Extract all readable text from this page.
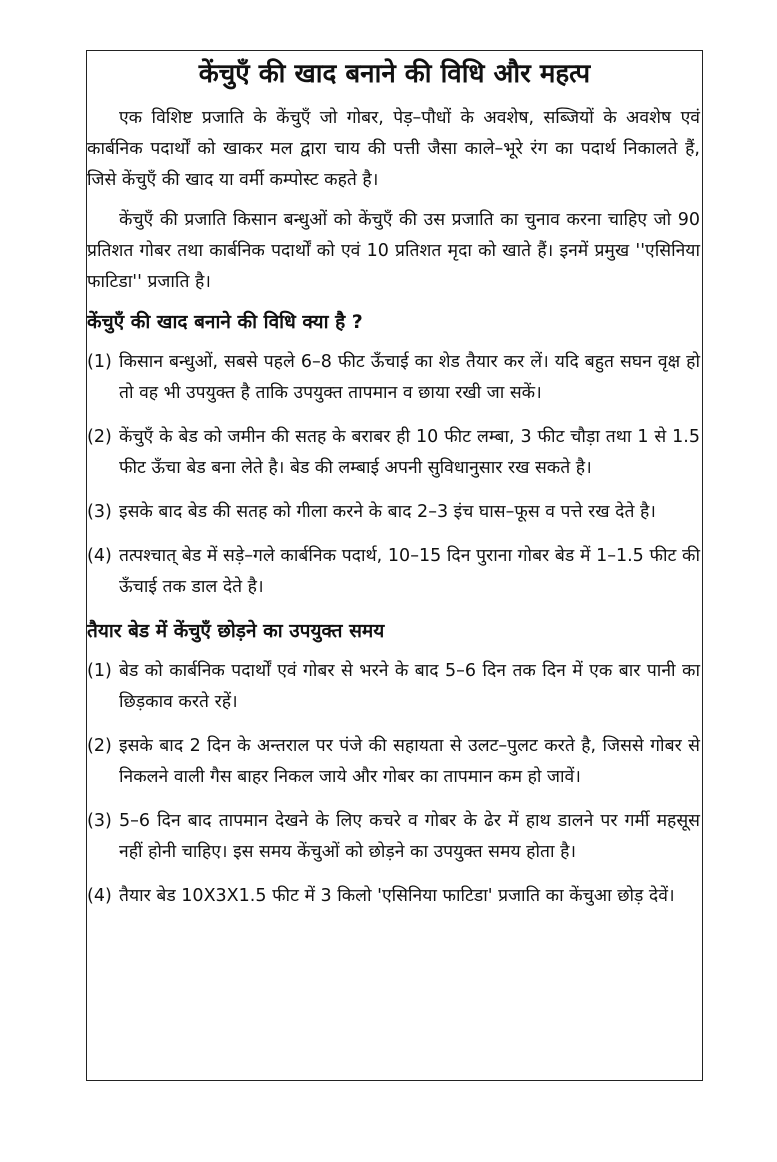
केंचुएँ की खाद बनाने की विधि और महत्प

एक विशिष्ट प्रजाति के केंचुएँ जो गोबर, पेड़–पौधों के अवशेष, सब्जियों के अवशेष एवं कार्बनिक पदार्थों को खाकर मल द्वारा चाय की पत्ती जैसा काले–भूरे रंग का पदार्थ निकालते हैं, जिसे केंचुएँ की खाद या वर्मी कम्पोस्ट कहते है।

केंचुएँ की प्रजाति किसान बन्धुओं को केंचुएँ की उस प्रजाति का चुनाव करना चाहिए जो 90 प्रतिशत गोबर तथा कार्बनिक पदार्थों को एवं 10 प्रतिशत मृदा को खाते हैं। इनमें प्रमुख ''एसिनिया फाटिडा'' प्रजाति है।

केंचुएँ की खाद बनाने की विधि क्या है ?
(1) किसान बन्धुओं, सबसे पहले 6–8 फीट ऊँचाई का शेड तैयार कर लें। यदि बहुत सघन वृक्ष हो तो वह भी उपयुक्त है ताकि उपयुक्त तापमान व छाया रखी जा सकें।
(2) केंचुएँ के बेड को जमीन की सतह के बराबर ही 10 फीट लम्बा, 3 फीट चौड़ा तथा 1 से 1.5 फीट ऊँचा बेड बना लेते है। बेड की लम्बाई अपनी सुविधानुसार रख सकते है।
(3) इसके बाद बेड की सतह को गीला करने के बाद 2–3 इंच घास–फूस व पत्ते रख देते है।
(4) तत्पश्चात् बेड में सड़े–गले कार्बनिक पदार्थ, 10–15 दिन पुराना गोबर बेड में 1–1.5 फीट की ऊँचाई तक डाल देते है।
तैयार बेड में केंचुएँ छोड़ने का उपयुक्त समय
(1) बेड को कार्बनिक पदार्थों एवं गोबर से भरने के बाद 5–6 दिन तक दिन में एक बार पानी का छिड़काव करते रहें।
(2) इसके बाद 2 दिन के अन्तराल पर पंजे की सहायता से उलट–पुलट करते है, जिससे गोबर से निकलने वाली गैस बाहर निकल जाये और गोबर का तापमान कम हो जावें।
(3) 5–6 दिन बाद तापमान देखने के लिए कचरे व गोबर के ढेर में हाथ डालने पर गर्मी महसूस नहीं होनी चाहिए। इस समय केंचुओं को छोड़ने का उपयुक्त समय होता है।
(4) तैयार बेड 10X3X1.5 फीट में 3 किलो 'एसिनिया फाटिडा' प्रजाति का केंचुआ छोड़ देवें।
